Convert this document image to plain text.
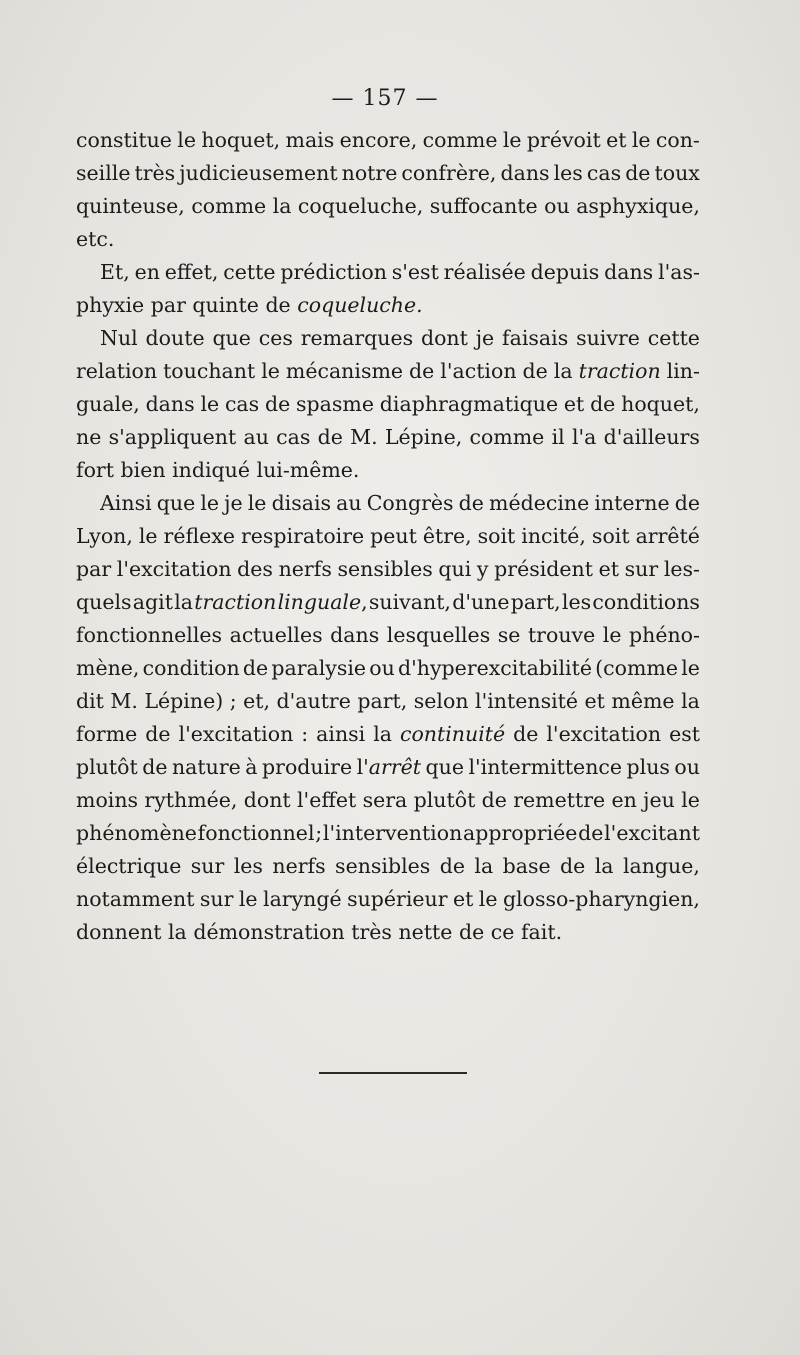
— 157 —
constitue le hoquet, mais encore, comme le prévoit et le con-
seille très judicieusement notre confrère, dans les cas de toux
quinteuse, comme la coqueluche, suffocante ou asphyxique,
etc.
Et, en effet, cette prédiction s'est réalisée depuis dans l'as-
phyxie par quinte de coqueluche.
Nul doute que ces remarques dont je faisais suivre cette
relation touchant le mécanisme de l'action de la traction lin-
guale, dans le cas de spasme diaphragmatique et de hoquet,
ne s'appliquent au cas de M. Lépine, comme il l'a d'ailleurs
fort bien indiqué lui-même.
Ainsi que le je le disais au Congrès de médecine interne de
Lyon, le réflexe respiratoire peut être, soit incité, soit arrêté
par l'excitation des nerfs sensibles qui y président et sur les-
quels agit la traction linguale, suivant, d'une part, les conditions
fonctionnelles actuelles dans lesquelles se trouve le phéno-
mène, condition de paralysie ou d'hyperexcitabilité (comme le
dit M. Lépine) ; et, d'autre part, selon l'intensité et même la
forme de l'excitation : ainsi la continuité de l'excitation est
plutôt de nature à produire l'arrêt que l'intermittence plus ou
moins rythmée, dont l'effet sera plutôt de remettre en jeu le
phénomène fonctionnel ; l'intervention appropriée de l'excitant
électrique sur les nerfs sensibles de la base de la langue,
notamment sur le laryngé supérieur et le glosso-pharyngien,
donnent la démonstration très nette de ce fait.
